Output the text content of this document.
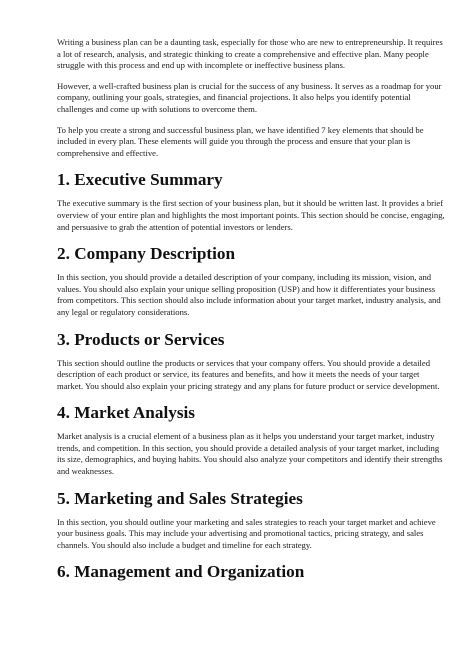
Writing a business plan can be a daunting task, especially for those who are new to entrepreneurship. It requires a lot of research, analysis, and strategic thinking to create a comprehensive and effective plan. Many people struggle with this process and end up with incomplete or ineffective business plans.

However, a well-crafted business plan is crucial for the success of any business. It serves as a roadmap for your company, outlining your goals, strategies, and financial projections. It also helps you identify potential challenges and come up with solutions to overcome them.

To help you create a strong and successful business plan, we have identified 7 key elements that should be included in every plan. These elements will guide you through the process and ensure that your plan is comprehensive and effective.

1. Executive Summary

The executive summary is the first section of your business plan, but it should be written last. It provides a brief overview of your entire plan and highlights the most important points. This section should be concise, engaging, and persuasive to grab the attention of potential investors or lenders.

2. Company Description

In this section, you should provide a detailed description of your company, including its mission, vision, and values. You should also explain your unique selling proposition (USP) and how it differentiates your business from competitors. This section should also include information about your target market, industry analysis, and any legal or regulatory considerations.

3. Products or Services

This section should outline the products or services that your company offers. You should provide a detailed description of each product or service, its features and benefits, and how it meets the needs of your target market. You should also explain your pricing strategy and any plans for future product or service development.

4. Market Analysis

Market analysis is a crucial element of a business plan as it helps you understand your target market, industry trends, and competition. In this section, you should provide a detailed analysis of your target market, including its size, demographics, and buying habits. You should also analyze your competitors and identify their strengths and weaknesses.

5. Marketing and Sales Strategies

In this section, you should outline your marketing and sales strategies to reach your target market and achieve your business goals. This may include your advertising and promotional tactics, pricing strategy, and sales channels. You should also include a budget and timeline for each strategy.

6. Management and Organization
